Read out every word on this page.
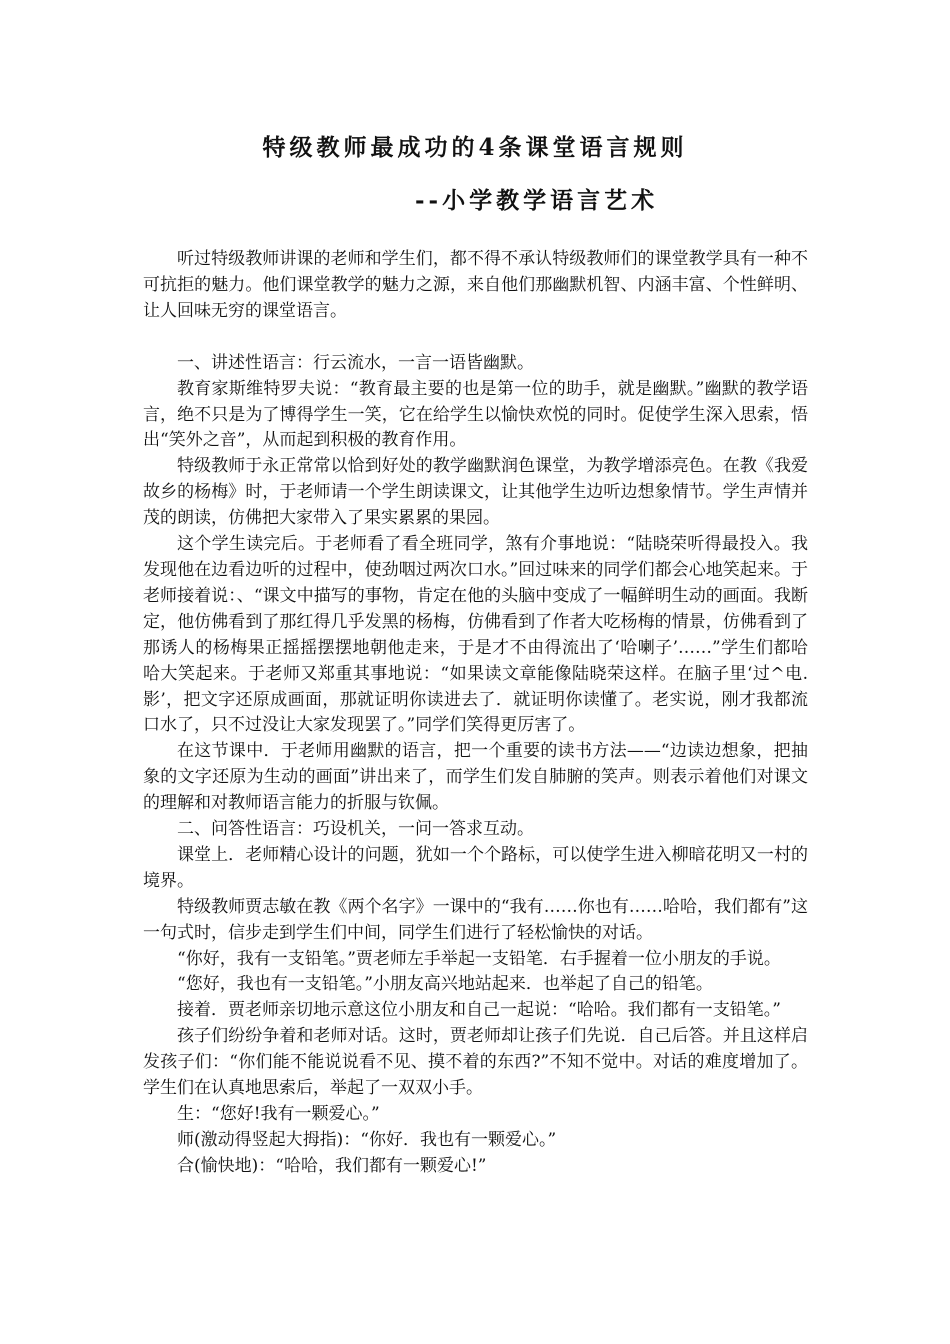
特级教师最成功的4条课堂语言规则
--小学教学语言艺术

听过特级教师讲课的老师和学生们，都不得不承认特级教师们的课堂教学具有一种不可抗拒的魅力。他们课堂教学的魅力之源，来自他们那幽默机智、内涵丰富、个性鲜明、让人回味无穷的课堂语言。

一、讲述性语言：行云流水，一言一语皆幽默。

教育家斯维特罗夫说：“教育最主要的也是第一位的助手，就是幽默。”幽默的教学语言，绝不只是为了博得学生一笑，它在给学生以愉快欢悦的同时。促使学生深入思索，悟出“笑外之音”，从而起到积极的教育作用。

特级教师于永正常常以恰到好处的教学幽默润色课堂，为教学增添亮色。在教《我爱故乡的杨梅》时，于老师请一个学生朗读课文，让其他学生边听边想象情节。学生声情并茂的朗读，仿佛把大家带入了果实累累的果园。

这个学生读完后。于老师看了看全班同学，煞有介事地说：“陆晓荣听得最投入。我发现他在边看边听的过程中，使劲咽过两次口水。”回过味来的同学们都会心地笑起来。于老师接着说：、“课文中描写的事物，肯定在他的头脑中变成了一幅鲜明生动的画面。我断定，他仿佛看到了那红得几乎发黑的杨梅，仿佛看到了作者大吃杨梅的情景，仿佛看到了那诱人的杨梅果正摇摇摆摆地朝他走来，于是才不由得流出了‘哈喇子’……”学生们都哈哈大笑起来。于老师又郑重其事地说：“如果读文章能像陆晓荣这样。在脑子里‘过^电.影’，把文字还原成画面，那就证明你读进去了．就证明你读懂了。老实说，刚才我都流口水了，只不过没让大家发现罢了。”同学们笑得更厉害了。

在这节课中．于老师用幽默的语言，把一个重要的读书方法——“边读边想象，把抽象的文字还原为生动的画面”讲出来了，而学生们发自肺腑的笑声。则表示着他们对课文的理解和对教师语言能力的折服与钦佩。

二、问答性语言：巧设机关，一问一答求互动。

课堂上．老师精心设计的问题，犹如一个个路标，可以使学生进入柳暗花明又一村的境界。

特级教师贾志敏在教《两个名字》一课中的“我有……你也有……哈哈，我们都有”这一句式时，信步走到学生们中间，同学生们进行了轻松愉快的对话。

“你好，我有一支铅笔。”贾老师左手举起一支铅笔．右手握着一位小朋友的手说。

“您好，我也有一支铅笔。”小朋友高兴地站起来．也举起了自己的铅笔。

接着．贾老师亲切地示意这位小朋友和自己一起说：“哈哈。我们都有一支铅笔。”

孩子们纷纷争着和老师对话。这时，贾老师却让孩子们先说．自己后答。并且这样启发孩子们：“你们能不能说说看不见、摸不着的东西?”不知不觉中。对话的难度增加了。学生们在认真地思索后，举起了一双双小手。

生：“您好!我有一颗爱心。”

师(激动得竖起大拇指)：“你好．我也有一颗爱心。”

合(愉快地)：“哈哈，我们都有一颗爱心!”
